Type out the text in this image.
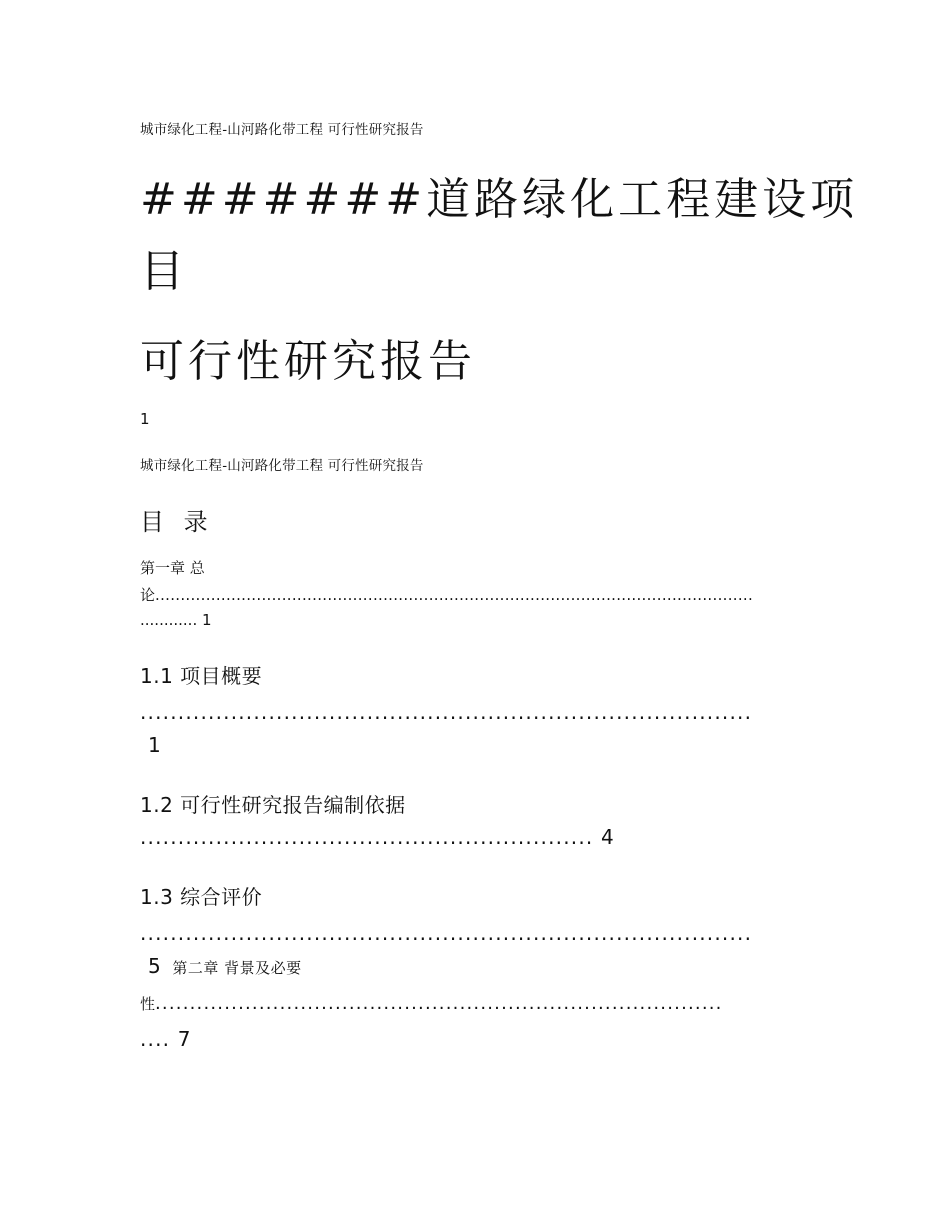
城市绿化工程-山河路化带工程 可行性研究报告
#######道路绿化工程建设项
目
可行性研究报告
1
城市绿化工程-山河路化带工程 可行性研究报告
目 录
第一章 总
论......................................................................................................................
............ 1
1.1 项目概要
.................................................................................
1
1.2 可行性研究报告编制依据
............................................................ 4
1.3 综合评价
.................................................................................
5 第二章 背景及必要
性..................................................................................
.... 7
